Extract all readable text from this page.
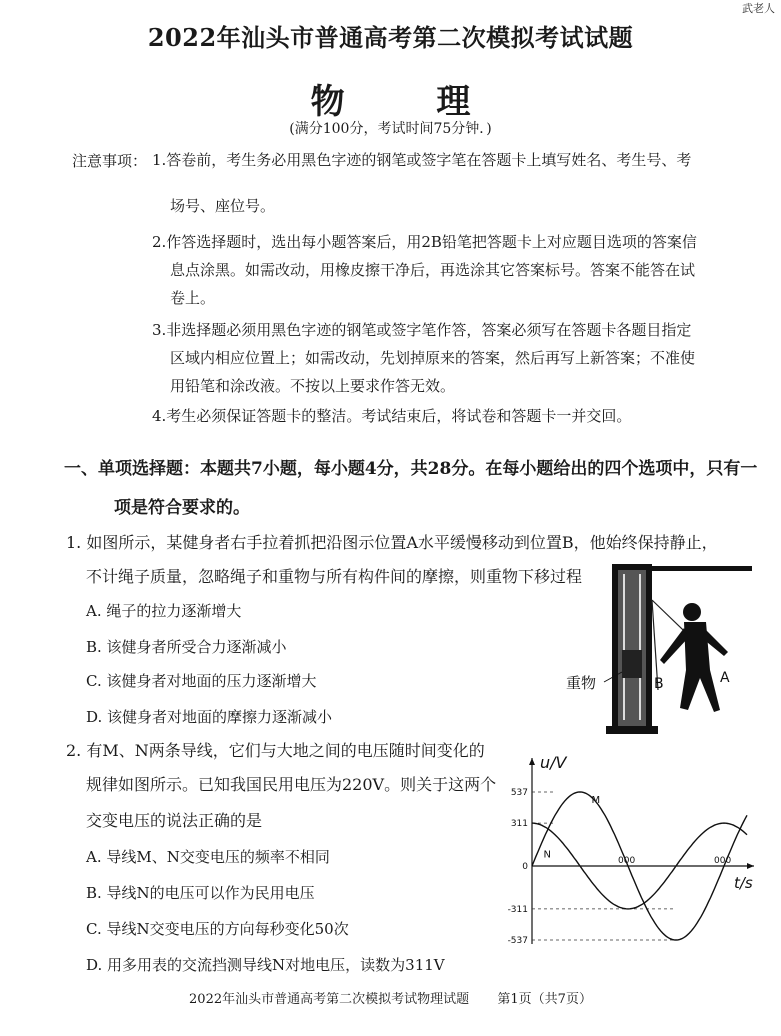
武老人
2022年汕头市普通高考第二次模拟考试试题
物 理
(满分100分，考试时间75分钟．)
注意事项： 1.答卷前，考生务必用黑色字迹的钢笔或签字笔在答题卡上填写姓名、考生号、考
场号、座位号。
2.作答选择题时，选出每小题答案后，用2B铅笔把答题卡上对应题目选项的答案信
息点涂黑。如需改动，用橡皮擦干净后，再选涂其它答案标号。答案不能答在试
卷上。
3.非选择题必须用黑色字迹的钢笔或签字笔作答，答案必须写在答题卡各题目指定
区域内相应位置上；如需改动，先划掉原来的答案，然后再写上新答案；不准使
用铅笔和涂改液。不按以上要求作答无效。
4.考生必须保证答题卡的整洁。考试结束后，将试卷和答题卡一并交回。
一、单项选择题：本题共7小题，每小题4分，共28分。在每小题给出的四个选项中，只有一
项是符合要求的。
1. 如图所示，某健身者右手拉着抓把沿图示位置A水平缓慢移动到位置B，他始终保持静止，
不计绳子质量，忽略绳子和重物与所有构件间的摩擦，则重物下移过程
A. 绳子的拉力逐渐增大
B. 该健身者所受合力逐渐减小
C. 该健身者对地面的压力逐渐增大
D. 该健身者对地面的摩擦力逐渐减小
重物	B	A
2. 有M、N两条导线，它们与大地之间的电压随时间变化的
规律如图所示。已知我国民用电压为220V。则关于这两个
交变电压的说法正确的是
A. 导线M、N交变电压的频率不相同
B. 导线N的电压可以作为民用电压
C. 导线N交变电压的方向每秒变化50次
D. 用多用表的交流挡测导线N对地电压，读数为311V
u/V
t/s
537
311
0
-311
-537
000	000
M
N
2022年汕头市普通高考第二次模拟考试物理试题 第1页（共7页）
